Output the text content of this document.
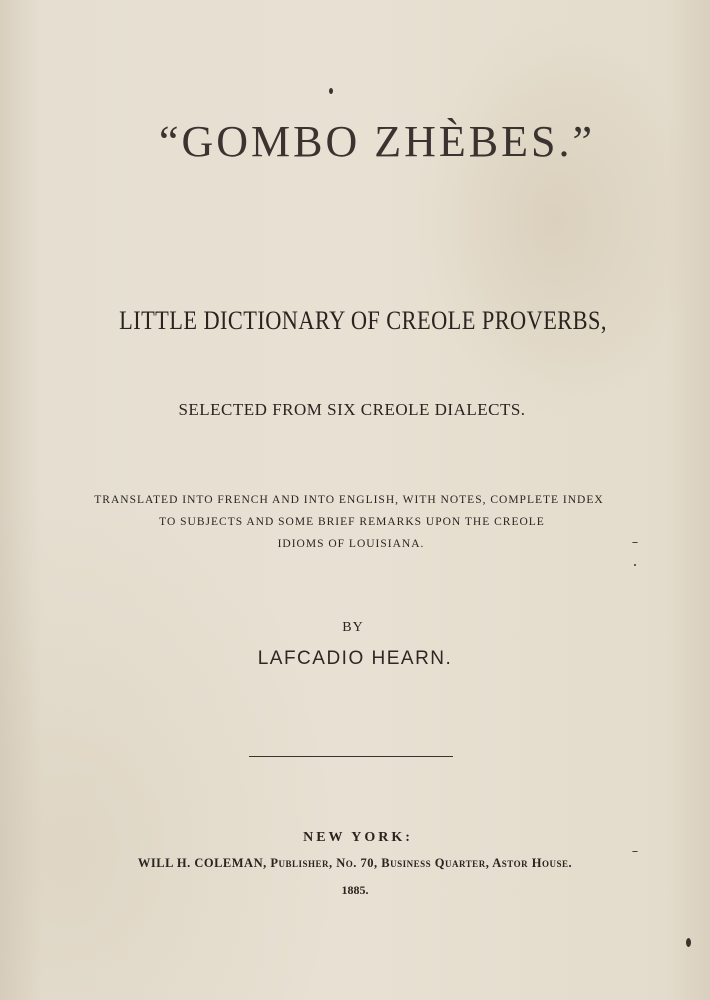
“GOMBO ZHÈBES.”
LITTLE DICTIONARY OF CREOLE PROVERBS,
SELECTED FROM SIX CREOLE DIALECTS.
TRANSLATED INTO FRENCH AND INTO ENGLISH, WITH NOTES, COMPLETE INDEX
TO SUBJECTS AND SOME BRIEF REMARKS UPON THE CREOLE
IDIOMS OF LOUISIANA.
BY
LAFCADIO HEARN.
NEW YORK:
WILL H. COLEMAN, Publisher, No. 70, Business Quarter, Astor House.
1885.
